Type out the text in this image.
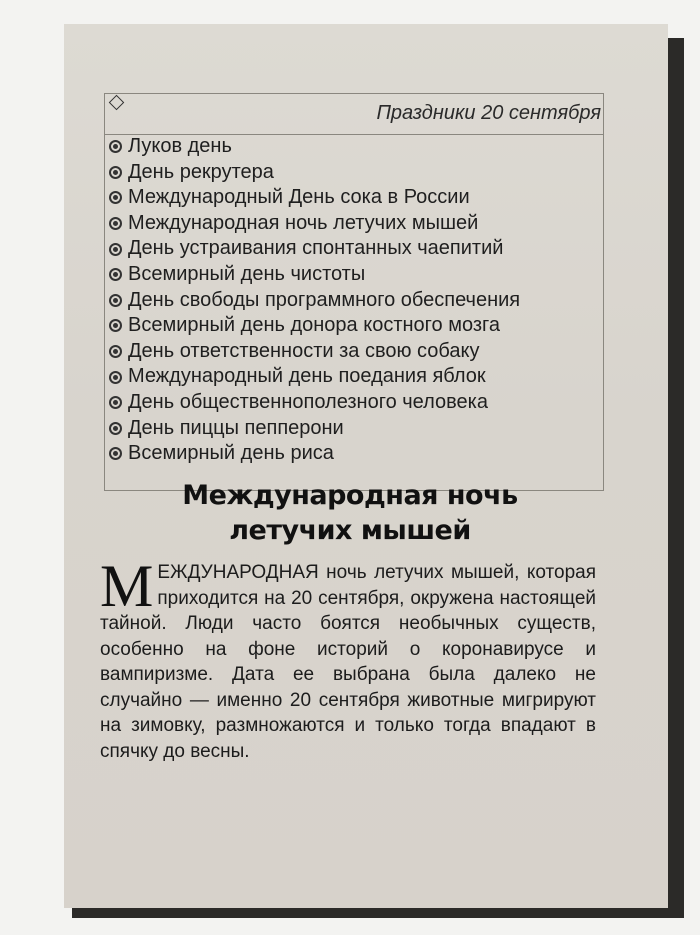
Праздники 20 сентября
Луков день
День рекрутера
Международный День сока в России
Международная ночь летучих мышей
День устраивания спонтанных чаепитий
Всемирный день чистоты
День свободы программного обеспечения
Всемирный день донора костного мозга
День ответственности за свою собаку
Международный день поедания яблок
День общественнополезного человека
День пиццы пепперони
Всемирный день риса
Международная ночь летучих мышей
МЕЖДУНАРОДНАЯ ночь летучих мышей, которая приходится на 20 сентября, окружена настоящей тайной. Люди часто боятся необычных существ, особенно на фоне историй о коронавирусе и вампиризме. Дата ее выбрана была далеко не случайно — именно 20 сентября животные мигрируют на зимовку, размножаются и только тогда впадают в спячку до весны.
